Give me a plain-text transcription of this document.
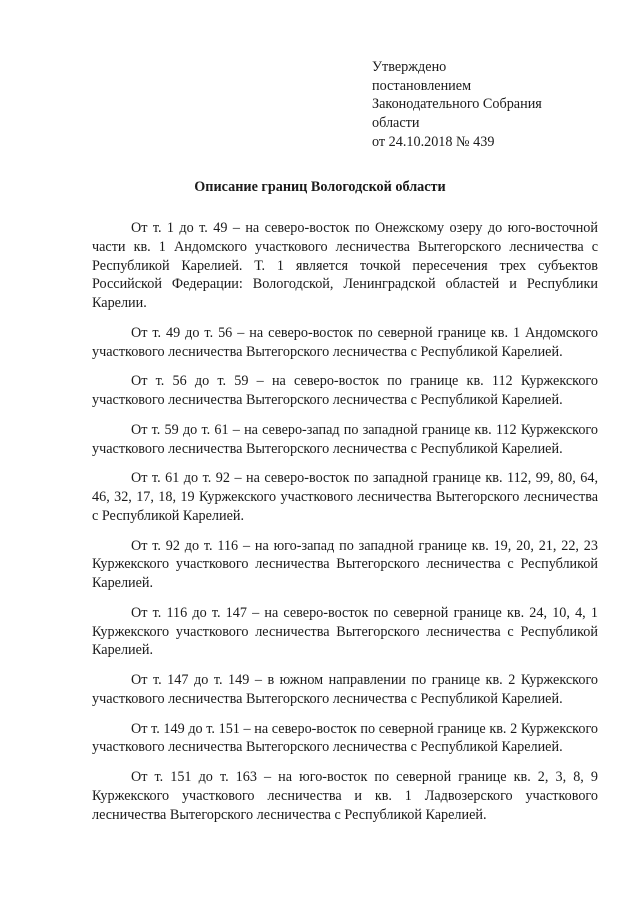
Утверждено
постановлением
Законодательного Собрания
области
от 24.10.2018 № 439
Описание границ Вологодской области

От т. 1 до т. 49 – на северо-восток по Онежскому озеру до юго-восточной части кв. 1 Андомского участкового лесничества Вытегорского лесничества с Республикой Карелией. Т. 1 является точкой пересечения трех субъектов Российской Федерации: Вологодской, Ленинградской областей и Республики Карелии.

От т. 49 до т. 56 – на северо-восток по северной границе кв. 1 Андомского участкового лесничества Вытегорского лесничества с Республикой Карелией.

От т. 56 до т. 59 – на северо-восток по границе кв. 112 Куржекского участкового лесничества Вытегорского лесничества с Республикой Карелией.

От т. 59 до т. 61 – на северо-запад по западной границе кв. 112 Куржекского участкового лесничества Вытегорского лесничества с Республикой Карелией.

От т. 61 до т. 92 – на северо-восток по западной границе кв. 112, 99, 80, 64, 46, 32, 17, 18, 19 Куржекского участкового лесничества Вытегорского лесничества с Республикой Карелией.

От т. 92 до т. 116 – на юго-запад по западной границе кв. 19, 20, 21, 22, 23 Куржекского участкового лесничества Вытегорского лесничества с Республикой Карелией.

От т. 116 до т. 147 – на северо-восток по северной границе кв. 24, 10, 4, 1 Куржекского участкового лесничества Вытегорского лесничества с Республикой Карелией.

От т. 147 до т. 149 – в южном направлении по границе кв. 2 Куржекского участкового лесничества Вытегорского лесничества с Республикой Карелией.

От т. 149 до т. 151 – на северо-восток по северной границе кв. 2 Куржекского участкового лесничества Вытегорского лесничества с Республикой Карелией.

От т. 151 до т. 163 – на юго-восток по северной границе кв. 2, 3, 8, 9 Куржекского участкового лесничества и кв. 1 Ладвозерского участкового лесничества Вытегорского лесничества с Республикой Карелией.
